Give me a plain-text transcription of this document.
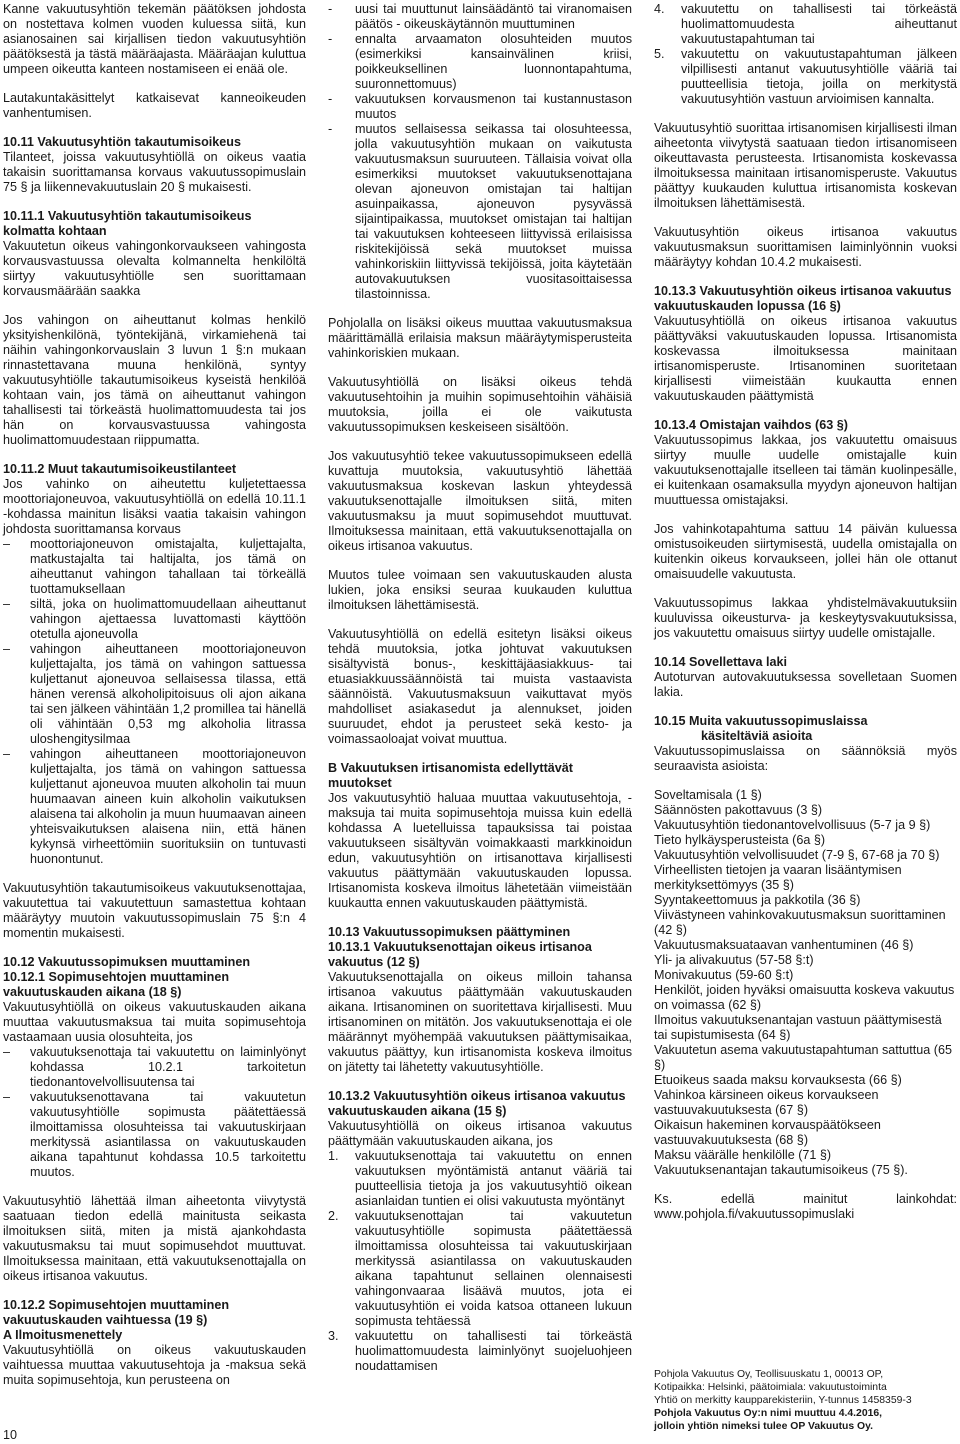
Kanne vakuutusyhtiön tekemän päätöksen johdosta on nostettava kolmen vuoden kuluessa siitä, kun asianosainen sai kirjallisen tiedon vakuutusyhtiön päätöksestä ja tästä määräajasta. Määräajan kuluttua umpeen oikeutta kanteen nostamiseen ei enää ole.

Lautakuntakäsittelyt katkaisevat kanneoikeuden vanhentumisen.

10.11 Vakuutusyhtiön takautumisoikeus

Tilanteet, joissa vakuutusyhtiöllä on oikeus vaatia takaisin suorittamansa korvaus vakuutussopimuslain 75 § ja liikennevakuutuslain 20 § mukaisesti.

10.11.1 Vakuutusyhtiön takautumisoikeus kolmatta kohtaan

Vakuutetun oikeus vahingonkorvaukseen vahingosta korvausvastuussa olevalta kolmannelta henkilöltä siirtyy vakuutusyhtiölle sen suorittamaan korvausmäärään saakka

Jos vahingon on aiheuttanut kolmas henkilö yksityishenkilönä, työntekijänä, virkamiehenä tai näihin vahingonkorvauslain 3 luvun 1 §:n mukaan rinnastettavana muuna henkilönä, syntyy vakuutusyhtiölle takautumisoikeus kyseistä henkilöä kohtaan vain, jos tämä on aiheuttanut vahingon tahallisesti tai törkeästä huolimattomuudesta tai jos hän on korvausvastuussa vahingosta huolimattomuudestaan riippumatta.

10.11.2 Muut takautumisoikeustilanteet

Jos vahinko on aiheutettu kuljetettaessa moottoriajoneuvoa, vakuutusyhtiöllä on edellä 10.11.1 -kohdassa mainitun lisäksi vaatia takaisin vahingon johdosta suorittamansa korvaus

– moottoriajoneuvon omistajalta, kuljettajalta, matkustajalta tai haltijalta, jos tämä on aiheuttanut vahingon tahallaan tai törkeällä tuottamuksellaan
– siltä, joka on huolimattomuudellaan aiheuttanut vahingon ajettaessa luvattomasti käyttöön otetulla ajoneuvolla
– vahingon aiheuttaneen moottoriajoneuvon kuljettajalta, jos tämä on vahingon sattuessa kuljettanut ajoneuvoa sellaisessa tilassa, että hänen verensä alkoholipitoisuus oli ajon aikana tai sen jälkeen vähintään 1,2 promillea tai hänellä oli vähintään 0,53 mg alkoholia litrassa uloshengitysilmaa
– vahingon aiheuttaneen moottoriajoneuvon kuljettajalta, jos tämä on vahingon sattuessa kuljettanut ajoneuvoa muuten alkoholin tai muun huumaavan aineen kuin alkoholin vaikutuksen alaisena tai alkoholin ja muun huumaavan aineen yhteisvaikutuksen alaisena niin, että hänen kykynsä virheettömiin suorituksiin on tuntuvasti huonontunut.

Vakuutusyhtiön takautumisoikeus vakuutuksenottajaa, vakuutettua tai vakuutettuun samastettua kohtaan määräytyy muutoin vakuutussopimuslain 75 §:n 4 momentin mukaisesti.

10.12 Vakuutussopimuksen muuttaminen
10.12.1 Sopimusehtojen muuttaminen vakuutuskauden aikana (18 §)

Vakuutusyhtiöllä on oikeus vakuutuskauden aikana muuttaa vakuutusmaksua tai muita sopimusehtoja vastaamaan uusia olosuhteita, jos

– vakuutuksenottaja tai vakuutettu on laiminlyönyt kohdassa 10.2.1 tarkoitetun tiedonantovelvollisuutensa tai
– vakuutuksenottavana tai vakuutetun vakuutusyhtiölle sopimusta päätettäessä ilmoittamissa olosuhteissa tai vakuutuskirjaan merkityssä asiantilassa on vakuutuskauden aikana tapahtunut kohdassa 10.5 tarkoitettu muutos.

Vakuutusyhtiö lähettää ilman aiheetonta viivytystä saatuaan tiedon edellä mainitusta seikasta ilmoituksen siitä, miten ja mistä ajankohdasta vakuutusmaksu tai muut sopimusehdot muuttuvat. Ilmoituksessa mainitaan, että vakuutuksenottajalla on oikeus irtisanoa vakuutus.

10.12.2 Sopimusehtojen muuttaminen vakuutuskauden vaihtuessa (19 §)
A Ilmoitusmenettely

Vakuutusyhtiöllä on oikeus vakuutuskauden vaihtuessa muuttaa vakuutusehtoja ja -maksua sekä muita sopimusehtoja, kun perusteena on

- uusi tai muuttunut lainsäädäntö tai viranomaisen päätös - oikeuskäytännön muuttuminen
- ennalta arvaamaton olosuhteiden muutos (esimerkiksi kansainvälinen kriisi, poikkeuksellinen luonnontapahtuma, suuronnettomuus)
- vakuutuksen korvausmenon tai kustannustason muutos
- muutos sellaisessa seikassa tai olosuhteessa, jolla vakuutusyhtiön mukaan on vaikutusta vakuutusmaksun suuruuteen. Tällaisia voivat olla esimerkiksi muutokset vakuutuksenottajana olevan ajoneuvon omistajan tai haltijan asuinpaikassa, ajoneuvon pysyvässä sijaintipaikassa, muutokset omistajan tai haltijan tai vakuutuksen kohteeseen liittyvissä erilaisissa riskitekijöissä sekä muutokset muissa vahinkoriskiin liittyvissä tekijöissä, joita käytetään autovakuutuksen vuositasoittaisessa tilastoinnissa.

Pohjolalla on lisäksi oikeus muuttaa vakuutusmaksua määrittämällä erilaisia maksun määräytymisperusteita vahinkoriskien mukaan.

Vakuutusyhtiöllä on lisäksi oikeus tehdä vakuutusehtoihin ja muihin sopimusehtoihin vähäisiä muutoksia, joilla ei ole vaikutusta vakuutussopimuksen keskeiseen sisältöön.

Jos vakuutusyhtiö tekee vakuutussopimukseen edellä kuvattuja muutoksia, vakuutusyhtiö lähettää vakuutusmaksua koskevan laskun yhteydessä vakuutuksenottajalle ilmoituksen siitä, miten vakuutusmaksu ja muut sopimusehdot muuttuvat. Ilmoituksessa mainitaan, että vakuutuksenottajalla on oikeus irtisanoa vakuutus.

Muutos tulee voimaan sen vakuutuskauden alusta lukien, joka ensiksi seuraa kuukauden kuluttua ilmoituksen lähettämisestä.

Vakuutusyhtiöllä on edellä esitetyn lisäksi oikeus tehdä muutoksia, jotka johtuvat vakuutuksen sisältyvistä bonus-, keskittäjäasiakkuus- tai etuasiakkuussäännöistä tai muista vastaavista säännöistä. Vakuutusmaksuun vaikuttavat myös mahdolliset asiakasedut ja alennukset, joiden suuruudet, ehdot ja perusteet sekä kesto- ja voimassaoloajat voivat muuttua.

B Vakuutuksen irtisanomista edellyttävät muutokset

Jos vakuutusyhtiö haluaa muuttaa vakuutusehtoja, -maksuja tai muita sopimusehtoja muissa kuin edellä kohdassa A luetelluissa tapauksissa tai poistaa vakuutukseen sisältyvän voimakkaasti markkinoidun edun, vakuutusyhtiön on irtisanottava kirjallisesti vakuutus päättymään vakuutuskauden lopussa. Irtisanomista koskeva ilmoitus lähetetään viimeistään kuukautta ennen vakuutuskauden päättymistä.

10.13 Vakuutussopimuksen päättyminen
10.13.1 Vakuutuksenottajan oikeus irtisanoa vakuutus (12 §)

Vakuutuksenottajalla on oikeus milloin tahansa irtisanoa vakuutus päättymään vakuutuskauden aikana. Irtisanominen on suoritettava kirjallisesti. Muu irtisanominen on mitätön. Jos vakuutuksenottaja ei ole määrännyt myöhempää vakuutuksen päättymisaikaa, vakuutus päättyy, kun irtisanomista koskeva ilmoitus on jätetty tai lähetetty vakuutusyhtiölle.

10.13.2 Vakuutusyhtiön oikeus irtisanoa vakuutus vakuutuskauden aikana (15 §)

Vakuutusyhtiöllä on oikeus irtisanoa vakuutus päättymään vakuutuskauden aikana, jos

1. vakuutuksenottaja tai vakuutettu on ennen vakuutuksen myöntämistä antanut vääriä tai puutteellisia tietoja ja jos vakuutusyhtiö oikean asianlaidan tuntien ei olisi vakuutusta myöntänyt
2. vakuutuksenottajan tai vakuutetun vakuutusyhtiölle sopimusta päätettäessä ilmoittamissa olosuhteissa tai vakuutuskirjaan merkityssä asiantilassa on vakuutuskauden aikana tapahtunut sellainen olennaisesti vahingonvaaraa lisäävä muutos, jota ei vakuutusyhtiön ei voida katsoa ottaneen lukuun sopimusta tehtäessä
3. vakuutettu on tahallisesti tai törkeästä huolimattomuudesta laiminlyönyt suojeluohjeen noudattamisen
4. vakuutettu on tahallisesti tai törkeästä huolimattomuudesta aiheuttanut vakuutustapahtuman tai
5. vakuutettu on vakuutustapahtuman jälkeen vilpillisesti antanut vakuutusyhtiölle vääriä tai puutteellisia tietoja, joilla on merkitystä vakuutusyhtiön vastuun arvioimisen kannalta.

Vakuutusyhtiö suorittaa irtisanomisen kirjallisesti ilman aiheetonta viivytystä saatuaan tiedon irtisanomiseen oikeuttavasta perusteesta. Irtisanomista koskevassa ilmoituksessa mainitaan irtisanomisperuste. Vakuutus päättyy kuukauden kuluttua irtisanomista koskevan ilmoituksen lähettämisestä.

Vakuutusyhtiön oikeus irtisanoa vakuutus vakuutusmaksun suorittamisen laiminlyönnin vuoksi määräytyy kohdan 10.4.2 mukaisesti.

10.13.3 Vakuutusyhtiön oikeus irtisanoa vakuutus vakuutuskauden lopussa (16 §)

Vakuutusyhtiöllä on oikeus irtisanoa vakuutus päättyväksi vakuutuskauden lopussa. Irtisanomista koskevassa ilmoituksessa mainitaan irtisanomisperuste. Irtisanominen suoritetaan kirjallisesti viimeistään kuukautta ennen vakuutuskauden päättymistä

10.13.4 Omistajan vaihdos (63 §)

Vakuutussopimus lakkaa, jos vakuutettu omaisuus siirtyy muulle uudelle omistajalle kuin vakuutuksenottajalle itselleen tai tämän kuolinpesälle, ei kuitenkaan osamaksulla myydyn ajoneuvon haltijan muuttuessa omistajaksi.

Jos vahinkotapahtuma sattuu 14 päivän kuluessa omistusoikeuden siirtymisestä, uudella omistajalla on kuitenkin oikeus korvaukseen, jollei hän ole ottanut omaisuudelle vakuutusta.

Vakuutussopimus lakkaa yhdistelmävakuutuksiin kuuluvissa oikeusturva- ja keskeytysvakuutuksissa, jos vakuutettu omaisuus siirtyy uudelle omistajalle.

10.14 Sovellettava laki

Autoturvan autovakuutuksessa sovelletaan Suomen lakia.

10.15 Muita vakuutussopimuslaissa
käsiteltäviä asioita

Vakuutussopimuslaissa on säännöksiä myös seuraavista asioista:

Soveltamisala (1 §)
Säännösten pakottavuus (3 §)
Vakuutusyhtiön tiedonantovelvollisuus (5-7 ja 9 §)
Tieto hylkäysperusteista (6a §)
Vakuutusyhtiön velvollisuudet (7-9 §, 67-68 ja 70 §)
Virheellisten tietojen ja vaaran lisääntymisen merkityksettömyys (35 §)
Syyntakeettomuus ja pakkotila (36 §)
Viivästyneen vahinkovakuutusmaksun suorittaminen (42 §)
Vakuutusmaksuataavan vanhentuminen (46 §)
Yli- ja alivakuutus (57-58 §:t)
Monivakuutus (59-60 §:t)
Henkilöt, joiden hyväksi omaisuutta koskeva vakuutus on voimassa (62 §)
Ilmoitus vakuutuksenantajan vastuun päättymisestä tai supistumisesta (64 §)
Vakuutetun asema vakuutustapahtuman sattuttua (65 §)
Etuoikeus saada maksu korvauksesta (66 §)
Vahinkoa kärsineen oikeus korvaukseen vastuuvakuutuksesta (67 §)
Oikaisun hakeminen korvauspäätökseen vastuuvakuutuksesta (68 §)
Maksu väärälle henkilölle (71 §)
Vakuutuksenantajan takautumisoikeus (75 §).

Ks. edellä mainitut lainkohdat: www.pohjola.fi/vakuutussopimuslaki

Pohjola Vakuutus Oy, Teollisuuskatu 1, 00013 OP,
Kotipaikka: Helsinki, päätoimiala: vakuutustoiminta
Yhtiö on merkitty kaupparekisteriin, Y-tunnus 1458359-3
Pohjola Vakuutus Oy:n nimi muuttuu 4.4.2016,
jolloin yhtiön nimeksi tulee OP Vakuutus Oy.
10
